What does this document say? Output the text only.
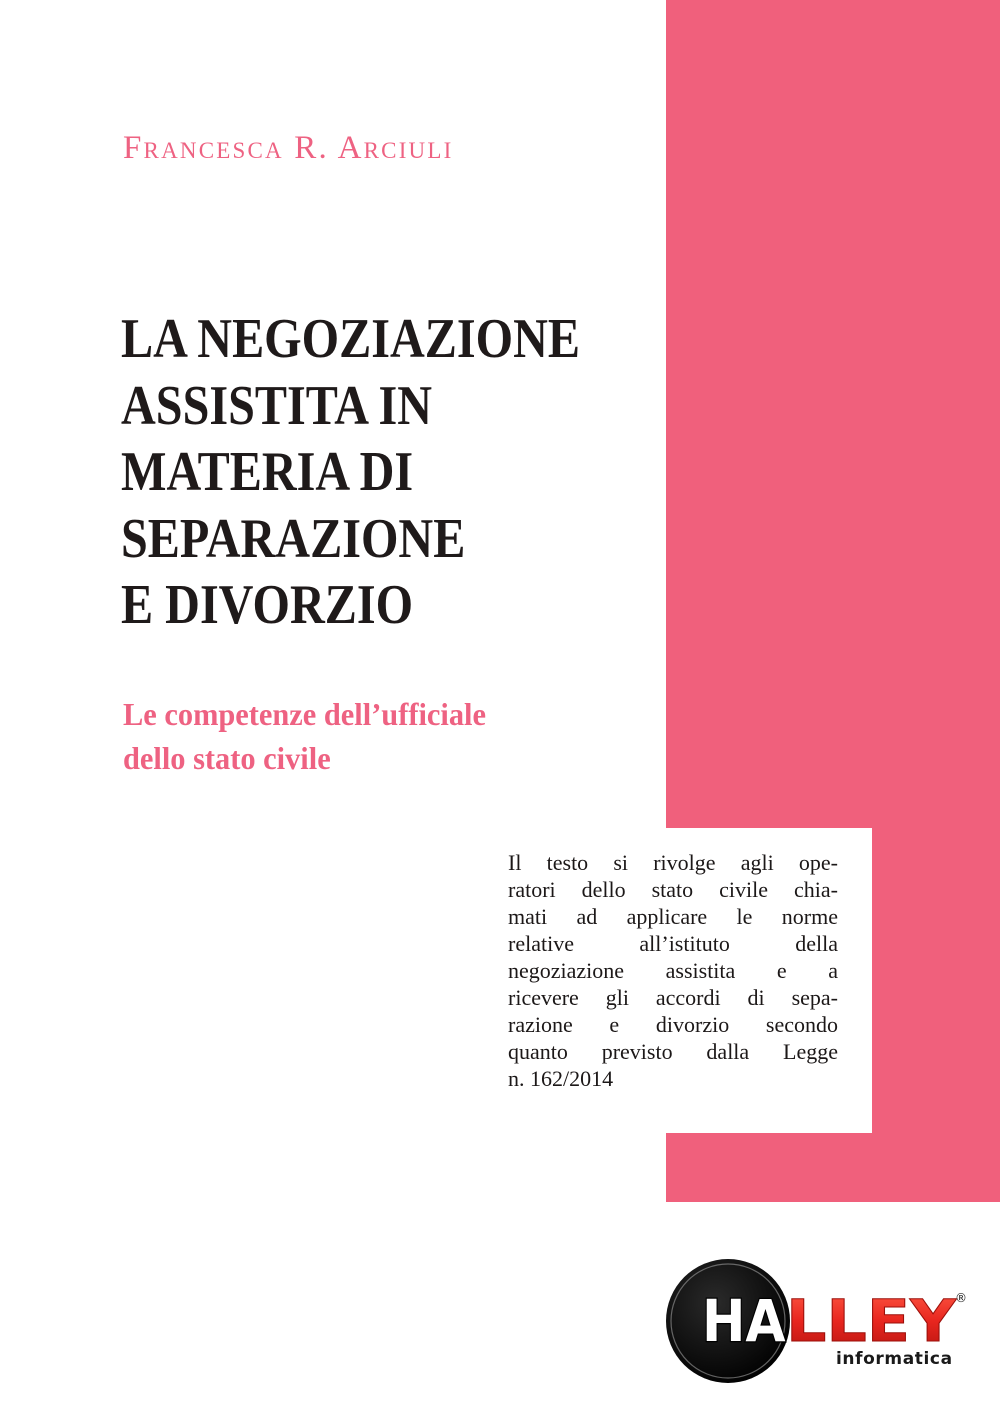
Francesca R. Arciuli
LA NEGOZIAZIONE
ASSISTITA IN
MATERIA DI
SEPARAZIONE
E DIVORZIO
Le competenze dell’ufficiale
dello stato civile
Il testo si rivolge agli ope-
ratori dello stato civile chia-
mati ad applicare le norme
relative all’istituto della
negoziazione assistita e a
ricevere gli accordi di sepa-
razione e divorzio secondo
quanto previsto dalla Legge
n. 162/2014
HA LLEY
®
informatica
